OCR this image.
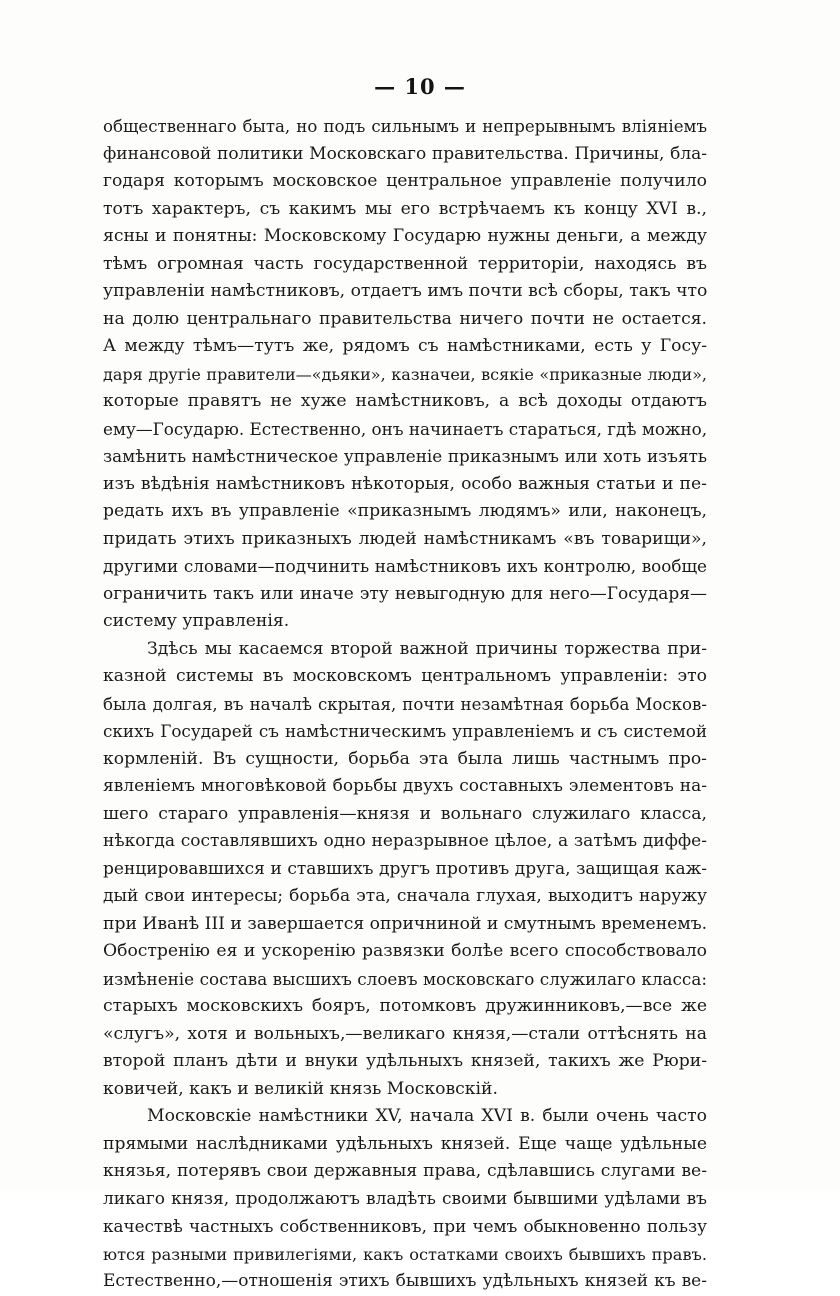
— 10 —
общественнаго быта, но подъ сильнымъ и непрерывнымъ вліяніемъ
финансовой политики Московскаго правительства. Причины, бла-
годаря которымъ московское центральное управленіе получило
тотъ характеръ, съ какимъ мы его встрѣчаемъ къ концу XVI в.,
ясны и понятны: Московскому Государю нужны деньги, а между
тѣмъ огромная часть государственной территоріи, находясь въ
управленіи намѣстниковъ, отдаетъ имъ почти всѣ сборы, такъ что
на долю центральнаго правительства ничего почти не остается.
А между тѣмъ—тутъ же, рядомъ съ намѣстниками, есть у Госу-
даря другіе правители—«дьяки», казначеи, всякіе «приказные люди»,
которые правятъ не хуже намѣстниковъ, а всѣ доходы отдаютъ
ему—Государю. Естественно, онъ начинаетъ стараться, гдѣ можно,
замѣнить намѣстническое управленіе приказнымъ или хоть изъять
изъ вѣдѣнія намѣстниковъ нѣкоторыя, особо важныя статьи и пе-
редать ихъ въ управленіе «приказнымъ людямъ» или, наконецъ,
придать этихъ приказныхъ людей намѣстникамъ «въ товарищи»,
другими словами—подчинить намѣстниковъ ихъ контролю, вообще
ограничить такъ или иначе эту невыгодную для него—Государя—
систему управленія.
Здѣсь мы касаемся второй важной причины торжества при-
казной системы въ московскомъ центральномъ управленіи: это
была долгая, въ началѣ скрытая, почти незамѣтная борьба Москов-
скихъ Государей съ намѣстническимъ управленіемъ и съ системой
кормленій. Въ сущности, борьба эта была лишь частнымъ про-
явленіемъ многовѣковой борьбы двухъ составныхъ элементовъ на-
шего стараго управленія—князя и вольнаго служилаго класса,
нѣкогда составлявшихъ одно неразрывное цѣлое, а затѣмъ диффе-
ренцировавшихся и ставшихъ другъ противъ друга, защищая каж-
дый свои интересы; борьба эта, сначала глухая, выходитъ наружу
при Иванѣ III и завершается опричниной и смутнымъ временемъ.
Обостренію ея и ускоренію развязки болѣе всего способствовало
измѣненіе состава высшихъ слоевъ московскаго служилаго класса:
старыхъ московскихъ бояръ, потомковъ дружинниковъ,—все же
«слугъ», хотя и вольныхъ,—великаго князя,—стали оттѣснять на
второй планъ дѣти и внуки удѣльныхъ князей, такихъ же Рюри-
ковичей, какъ и великій князь Московскій.
Московскіе намѣстники XV, начала XVI в. были очень часто
прямыми наслѣдниками удѣльныхъ князей. Еще чаще удѣльные
князья, потерявъ свои державныя права, сдѣлавшись слугами ве-
ликаго князя, продолжаютъ владѣть своими бывшими удѣлами въ
качествѣ частныхъ собственниковъ, при чемъ обыкновенно пользу
ются разными привилегіями, какъ остатками своихъ бывшихъ правъ.
Естественно,—отношенія этихъ бывшихъ удѣльныхъ князей къ ве-
